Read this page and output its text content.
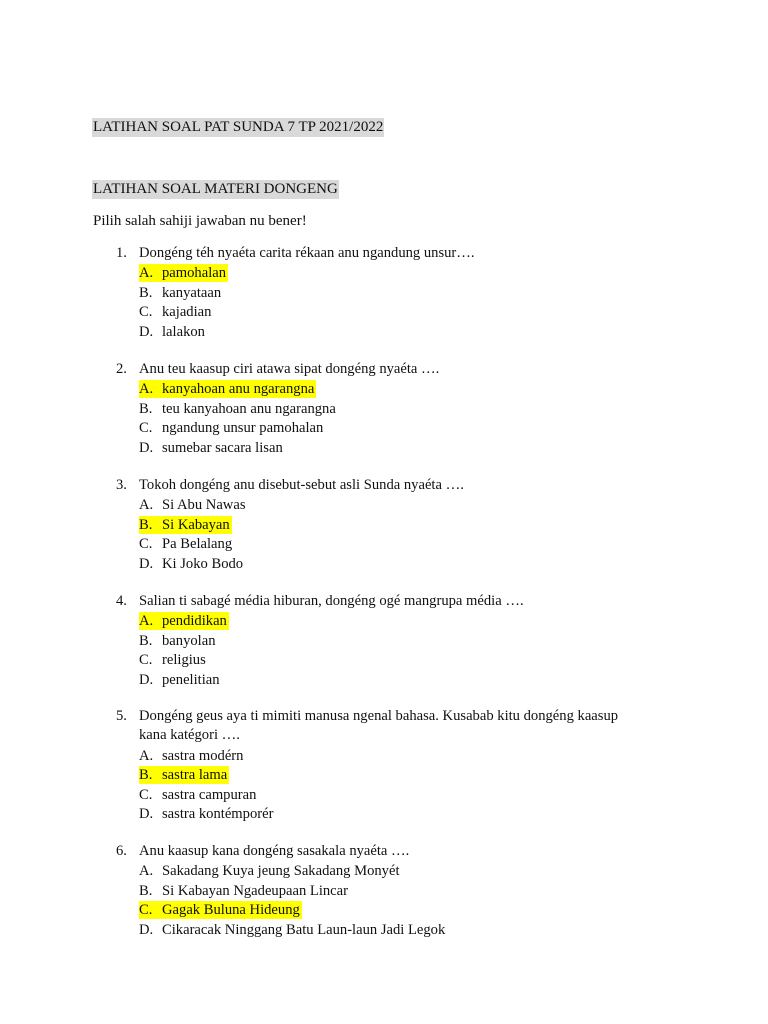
LATIHAN SOAL PAT SUNDA 7 TP 2021/2022
LATIHAN SOAL MATERI DONGENG
Pilih salah sahiji jawaban nu bener!
1. Dongéng téh nyaéta carita rékaan anu ngandung unsur….
A. pamohalan
B. kanyataan
C. kajadian
D. lalakon
2. Anu teu kaasup ciri atawa sipat dongéng nyaéta ….
A. kanyahoan anu ngarangna
B. teu kanyahoan anu ngarangna
C. ngandung unsur pamohalan
D. sumebar sacara lisan
3. Tokoh dongéng anu disebut-sebut asli Sunda nyaéta ….
A. Si Abu Nawas
B. Si Kabayan
C. Pa Belalang
D. Ki Joko Bodo
4. Salian ti sabagé média hiburan, dongéng ogé mangrupa média ….
A. pendidikan
B. banyolan
C. religius
D. penelitian
5. Dongéng geus aya ti mimiti manusa ngenal bahasa. Kusabab kitu dongéng kaasup
kana katégori ….
A. sastra modérn
B. sastra lama
C. sastra campuran
D. sastra kontémporér
6. Anu kaasup kana dongéng sasakala nyaéta ….
A. Sakadang Kuya jeung Sakadang Monyét
B. Si Kabayan Ngadeupaan Lincar
C. Gagak Buluna Hideung
D. Cikaracak Ninggang Batu Laun-laun Jadi Legok
